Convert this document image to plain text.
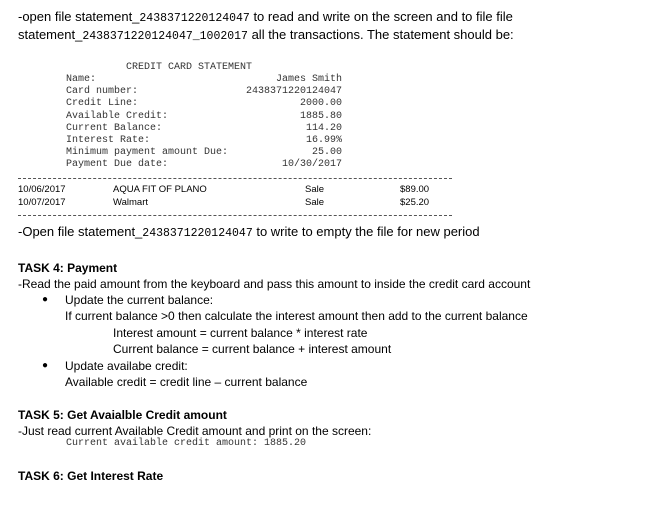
-open file statement_2438371220124047 to read and write on the screen and to file file
statement_2438371220124047_1002017 all the transactions. The statement should be:
CREDIT CARD STATEMENT
Name:	James Smith
Card number:	2438371220124047
Credit Line:	2000.00
Available Credit:	1885.80
Current Balance:	114.20
Interest Rate:	16.99%
Minimum payment amount Due:	25.00
Payment Due date:	10/30/2017
10/06/2017	AQUA FIT OF PLANO	Sale	$89.00
10/07/2017	Walmart	Sale	$25.20
-Open file statement_2438371220124047 to write to empty the file for new period
TASK 4: Payment
-Read the paid amount from the keyboard and pass this amount to inside the credit card account
● Update the current balance:
If current balance >0 then calculate the interest amount then add to the current balance
Interest amount = current balance * interest rate
Current balance = current balance + interest amount
● Update availabe credit:
Available credit = credit line – current balance
TASK 5: Get Avaialble Credit amount
-Just read current Available Credit amount and print on the screen:
Current available credit amount: 1885.20
TASK 6: Get Interest Rate
